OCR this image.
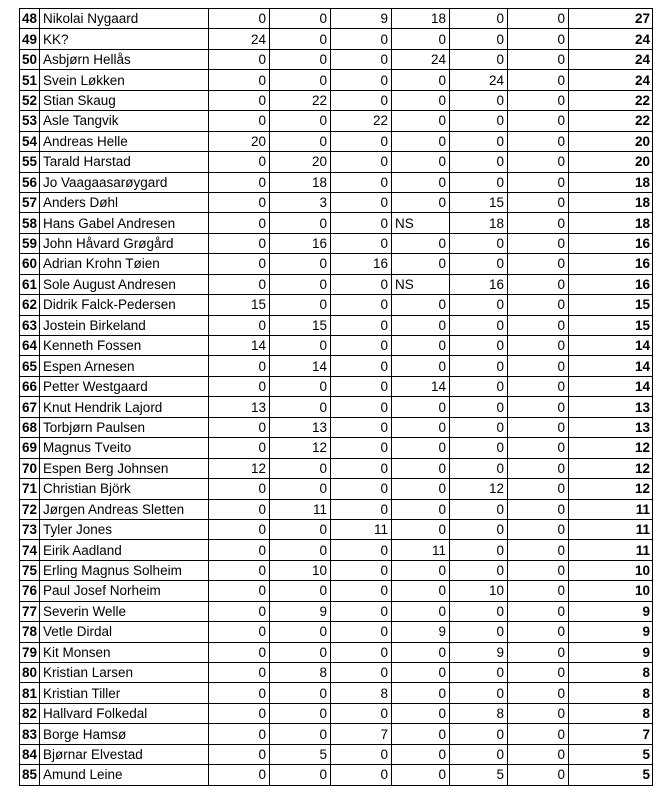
48	Nikolai Nygaard	0	0	9	18	0	0	27
49	KK?	24	0	0	0	0	0	24
50	Asbjørn Hellås	0	0	0	24	0	0	24
51	Svein Løkken	0	0	0	0	24	0	24
52	Stian Skaug	0	22	0	0	0	0	22
53	Asle Tangvik	0	0	22	0	0	0	22
54	Andreas Helle	20	0	0	0	0	0	20
55	Tarald Harstad	0	20	0	0	0	0	20
56	Jo Vaagaasarøygard	0	18	0	0	0	0	18
57	Anders Døhl	0	3	0	0	15	0	18
58	Hans Gabel Andresen	0	0	0	NS	18	0	18
59	John Håvard Grøgård	0	16	0	0	0	0	16
60	Adrian Krohn Tøien	0	0	16	0	0	0	16
61	Sole August Andresen	0	0	0	NS	16	0	16
62	Didrik Falck-Pedersen	15	0	0	0	0	0	15
63	Jostein Birkeland	0	15	0	0	0	0	15
64	Kenneth Fossen	14	0	0	0	0	0	14
65	Espen Arnesen	0	14	0	0	0	0	14
66	Petter Westgaard	0	0	0	14	0	0	14
67	Knut Hendrik Lajord	13	0	0	0	0	0	13
68	Torbjørn Paulsen	0	13	0	0	0	0	13
69	Magnus Tveito	0	12	0	0	0	0	12
70	Espen Berg Johnsen	12	0	0	0	0	0	12
71	Christian Björk	0	0	0	0	12	0	12
72	Jørgen Andreas Sletten	0	11	0	0	0	0	11
73	Tyler Jones	0	0	11	0	0	0	11
74	Eirik Aadland	0	0	0	11	0	0	11
75	Erling Magnus Solheim	0	10	0	0	0	0	10
76	Paul Josef Norheim	0	0	0	0	10	0	10
77	Severin Welle	0	9	0	0	0	0	9
78	Vetle Dirdal	0	0	0	9	0	0	9
79	Kit Monsen	0	0	0	0	9	0	9
80	Kristian Larsen	0	8	0	0	0	0	8
81	Kristian Tiller	0	0	8	0	0	0	8
82	Hallvard Folkedal	0	0	0	0	8	0	8
83	Borge Hamsø	0	0	7	0	0	0	7
84	Bjørnar Elvestad	0	5	0	0	0	0	5
85	Amund Leine	0	0	0	0	5	0	5
